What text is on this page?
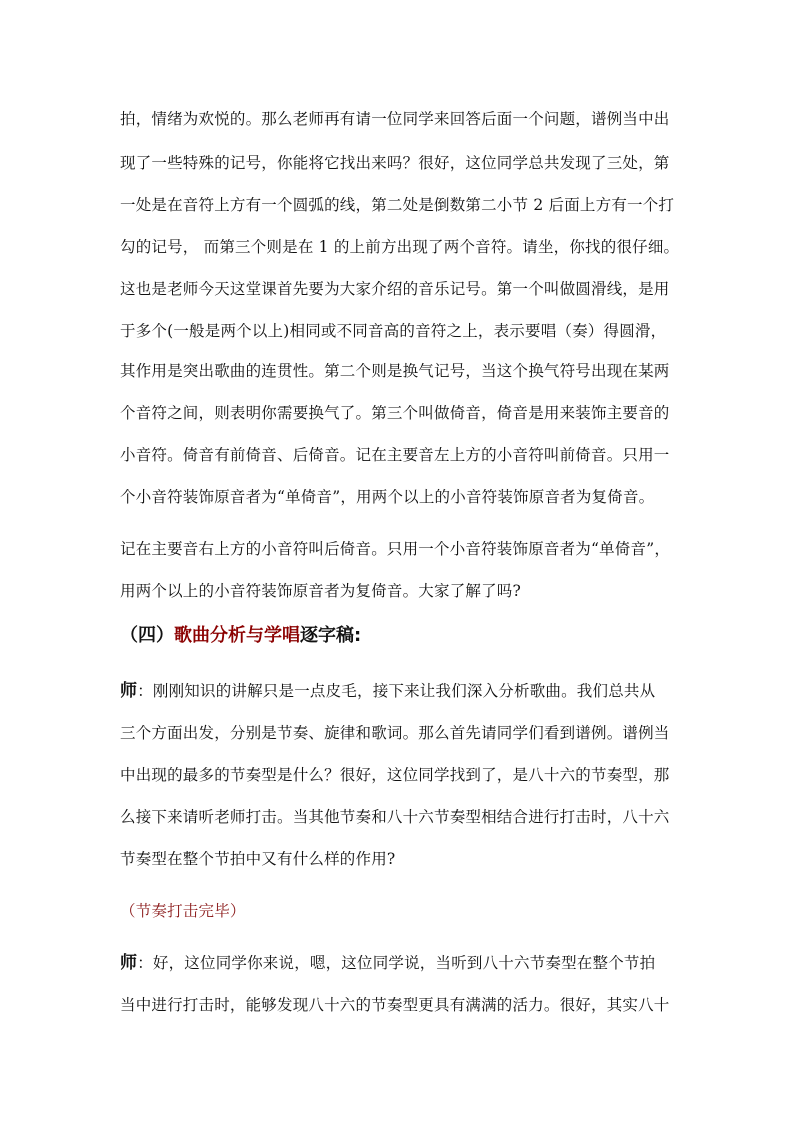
拍，情绪为欢悦的。那么老师再有请一位同学来回答后面一个问题，谱例当中出
现了一些特殊的记号，你能将它找出来吗？很好，这位同学总共发现了三处，第
一处是在音符上方有一个圆弧的线，第二处是倒数第二小节 2 后面上方有一个打
勾的记号， 而第三个则是在 1 的上前方出现了两个音符。请坐，你找的很仔细。
这也是老师今天这堂课首先要为大家介绍的音乐记号。第一个叫做圆滑线，是用
于多个(一般是两个以上)相同或不同音高的音符之上，表示要唱（奏）得圆滑，
其作用是突出歌曲的连贯性。第二个则是换气记号，当这个换气符号出现在某两
个音符之间，则表明你需要换气了。第三个叫做倚音，倚音是用来装饰主要音的
小音符。倚音有前倚音、后倚音。记在主要音左上方的小音符叫前倚音。只用一
个小音符装饰原音者为“单倚音”，用两个以上的小音符装饰原音者为复倚音。
记在主要音右上方的小音符叫后倚音。只用一个小音符装饰原音者为“单倚音”，
用两个以上的小音符装饰原音者为复倚音。大家了解了吗?
（四）歌曲分析与学唱逐字稿:
师：刚刚知识的讲解只是一点皮毛，接下来让我们深入分析歌曲。我们总共从
三个方面出发，分别是节奏、旋律和歌词。那么首先请同学们看到谱例。谱例当
中出现的最多的节奏型是什么？很好，这位同学找到了，是八十六的节奏型，那
么接下来请听老师打击。当其他节奏和八十六节奏型相结合进行打击时，八十六
节奏型在整个节拍中又有什么样的作用?
（节奏打击完毕）
师：好，这位同学你来说，嗯，这位同学说，当听到八十六节奏型在整个节拍
当中进行打击时，能够发现八十六的节奏型更具有满满的活力。很好，其实八十
